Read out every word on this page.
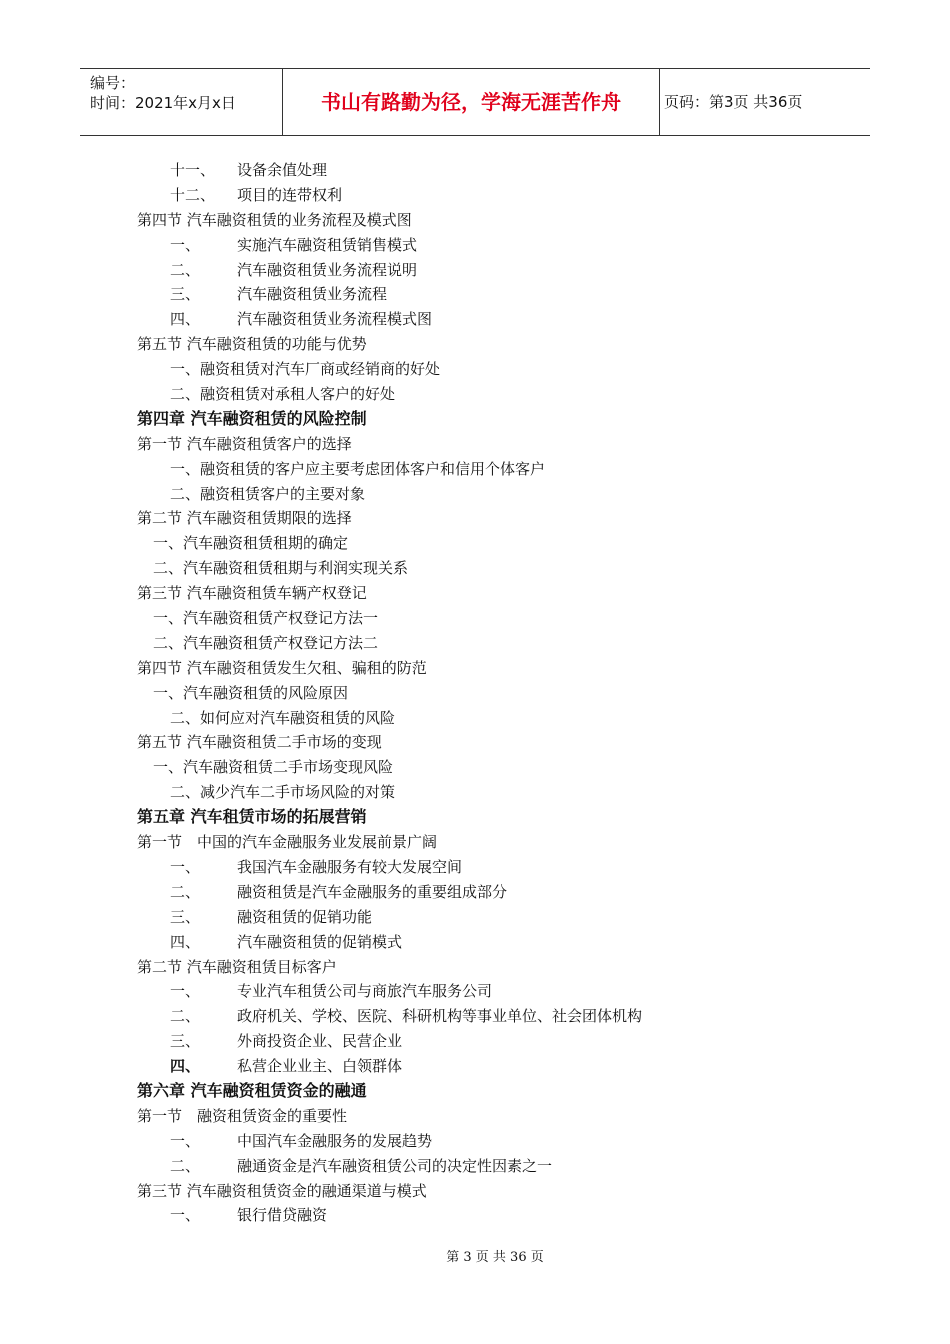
编号：
时间：2021年x月x日	书山有路勤为径，学海无涯苦作舟	页码：第3页 共36页
十一、 设备余值处理
十二、 项目的连带权利
第四节 汽车融资租赁的业务流程及模式图
一、 实施汽车融资租赁销售模式
二、 汽车融资租赁业务流程说明
三、 汽车融资租赁业务流程
四、 汽车融资租赁业务流程模式图
第五节 汽车融资租赁的功能与优势
一、融资租赁对汽车厂商或经销商的好处
二、融资租赁对承租人客户的好处
第四章 汽车融资租赁的风险控制
第一节 汽车融资租赁客户的选择
一、融资租赁的客户应主要考虑团体客户和信用个体客户
二、融资租赁客户的主要对象
第二节 汽车融资租赁期限的选择
一、汽车融资租赁租期的确定
二、汽车融资租赁租期与利润实现关系
第三节 汽车融资租赁车辆产权登记
一、汽车融资租赁产权登记方法一
二、汽车融资租赁产权登记方法二
第四节 汽车融资租赁发生欠租、骗租的防范
一、汽车融资租赁的风险原因
二、如何应对汽车融资租赁的风险
第五节 汽车融资租赁二手市场的变现
一、汽车融资租赁二手市场变现风险
二、减少汽车二手市场风险的对策
第五章 汽车租赁市场的拓展营销
第一节　中国的汽车金融服务业发展前景广阔
一、 我国汽车金融服务有较大发展空间
二、 融资租赁是汽车金融服务的重要组成部分
三、 融资租赁的促销功能
四、 汽车融资租赁的促销模式
第二节 汽车融资租赁目标客户
一、 专业汽车租赁公司与商旅汽车服务公司
二、 政府机关、学校、医院、科研机构等事业单位、社会团体机构
三、 外商投资企业、民营企业
四、 私营企业业主、白领群体
第六章 汽车融资租赁资金的融通
第一节　融资租赁资金的重要性
一、 中国汽车金融服务的发展趋势
二、 融通资金是汽车融资租赁公司的决定性因素之一
第三节 汽车融资租赁资金的融通渠道与模式
一、 银行借贷融资
第 3 页 共 36 页
